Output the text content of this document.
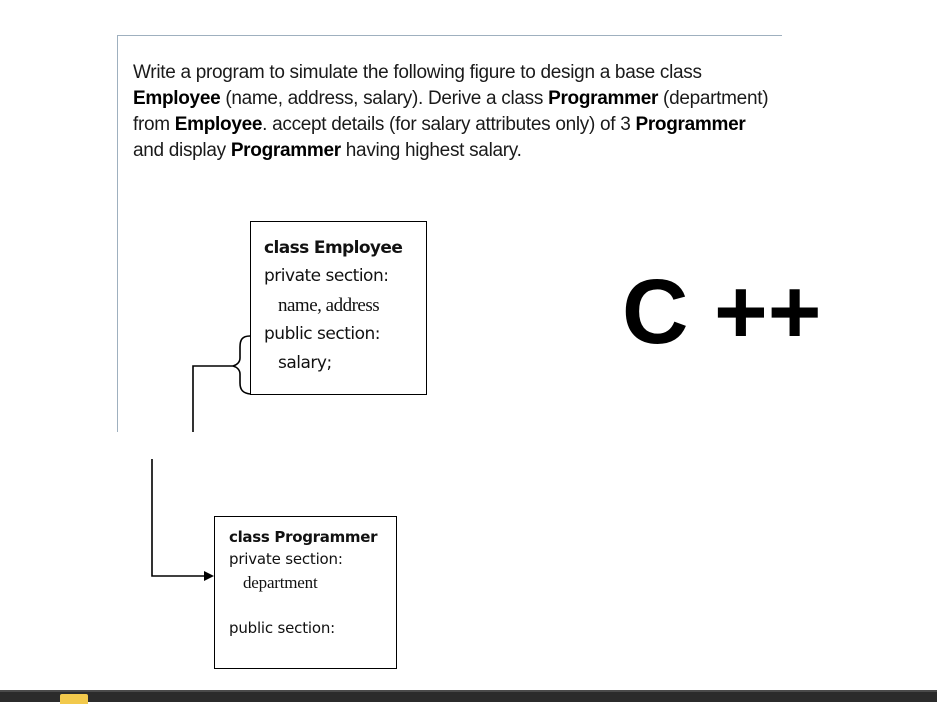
Write a program to simulate the following figure to design a base class
Employee (name, address, salary). Derive a class Programmer (department)
from Employee. accept details (for salary attributes only) of 3 Programmer
and display Programmer having highest salary.
class Employee
private section:
name, address
public section:
salary;
class Programmer
private section:
department
public section:
C ++
